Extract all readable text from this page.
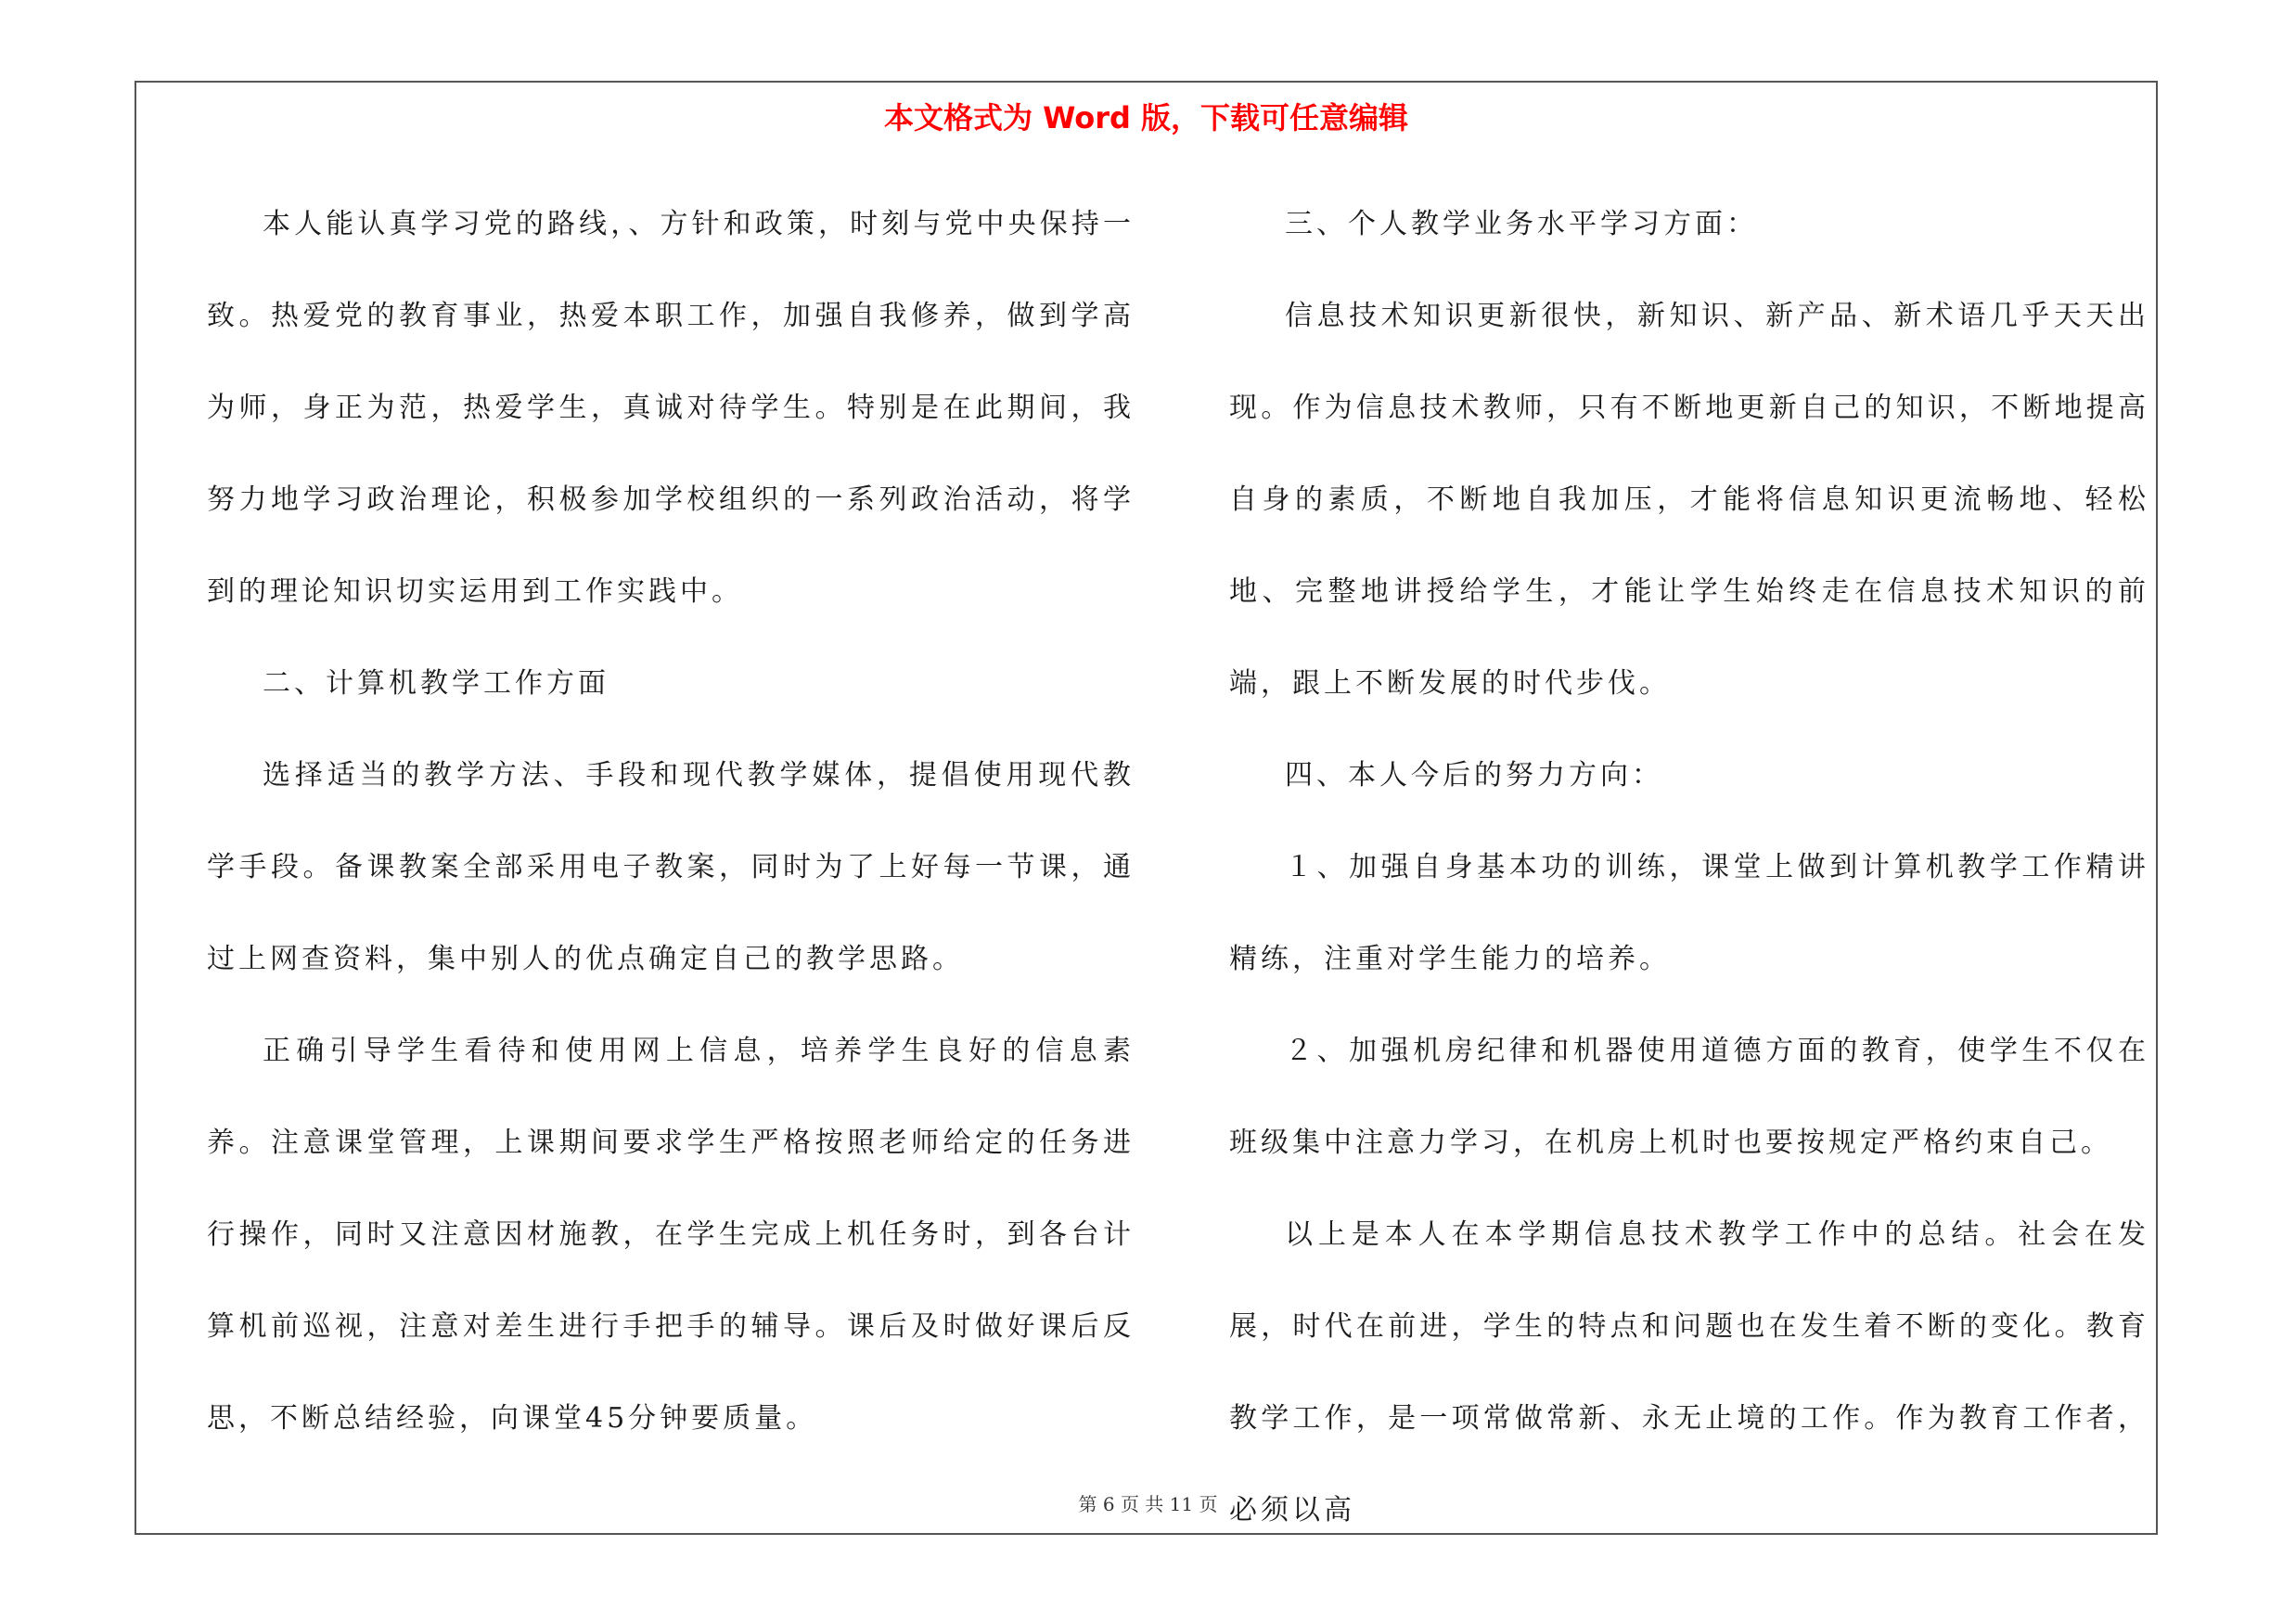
本文格式为 Word 版，下载可任意编辑

本人能认真学习党的路线，、方针和政策，时刻与党中央保持一致。热爱党的教育事业，热爱本职工作，加强自我修养，做到学高为师，身正为范，热爱学生，真诚对待学生。特别是在此期间，我努力地学习政治理论，积极参加学校组织的一系列政治活动，将学到的理论知识切实运用到工作实践中。

二、计算机教学工作方面

选择适当的教学方法、手段和现代教学媒体，提倡使用现代教学手段。备课教案全部采用电子教案，同时为了上好每一节课，通过上网查资料，集中别人的优点确定自己的教学思路。

正确引导学生看待和使用网上信息，培养学生良好的信息素养。注意课堂管理，上课期间要求学生严格按照老师给定的任务进行操作，同时又注意因材施教，在学生完成上机任务时，到各台计算机前巡视，注意对差生进行手把手的辅导。课后及时做好课后反思，不断总结经验，向课堂45分钟要质量。

三、个人教学业务水平学习方面：

信息技术知识更新很快，新知识、新产品、新术语几乎天天出现。作为信息技术教师，只有不断地更新自己的知识，不断地提高自身的素质，不断地自我加压，才能将信息知识更流畅地、轻松地、完整地讲授给学生，才能让学生始终走在信息技术知识的前端，跟上不断发展的时代步伐。

四、本人今后的努力方向：

１、加强自身基本功的训练，课堂上做到计算机教学工作精讲精练，注重对学生能力的培养。

２、加强机房纪律和机器使用道德方面的教育，使学生不仅在班级集中注意力学习，在机房上机时也要按规定严格约束自己。

以上是本人在本学期信息技术教学工作中的总结。社会在发展，时代在前进，学生的特点和问题也在发生着不断的变化。教育教学工作，是一项常做常新、永无止境的工作。作为教育工作者，必须以高

第 6 页 共 11 页
